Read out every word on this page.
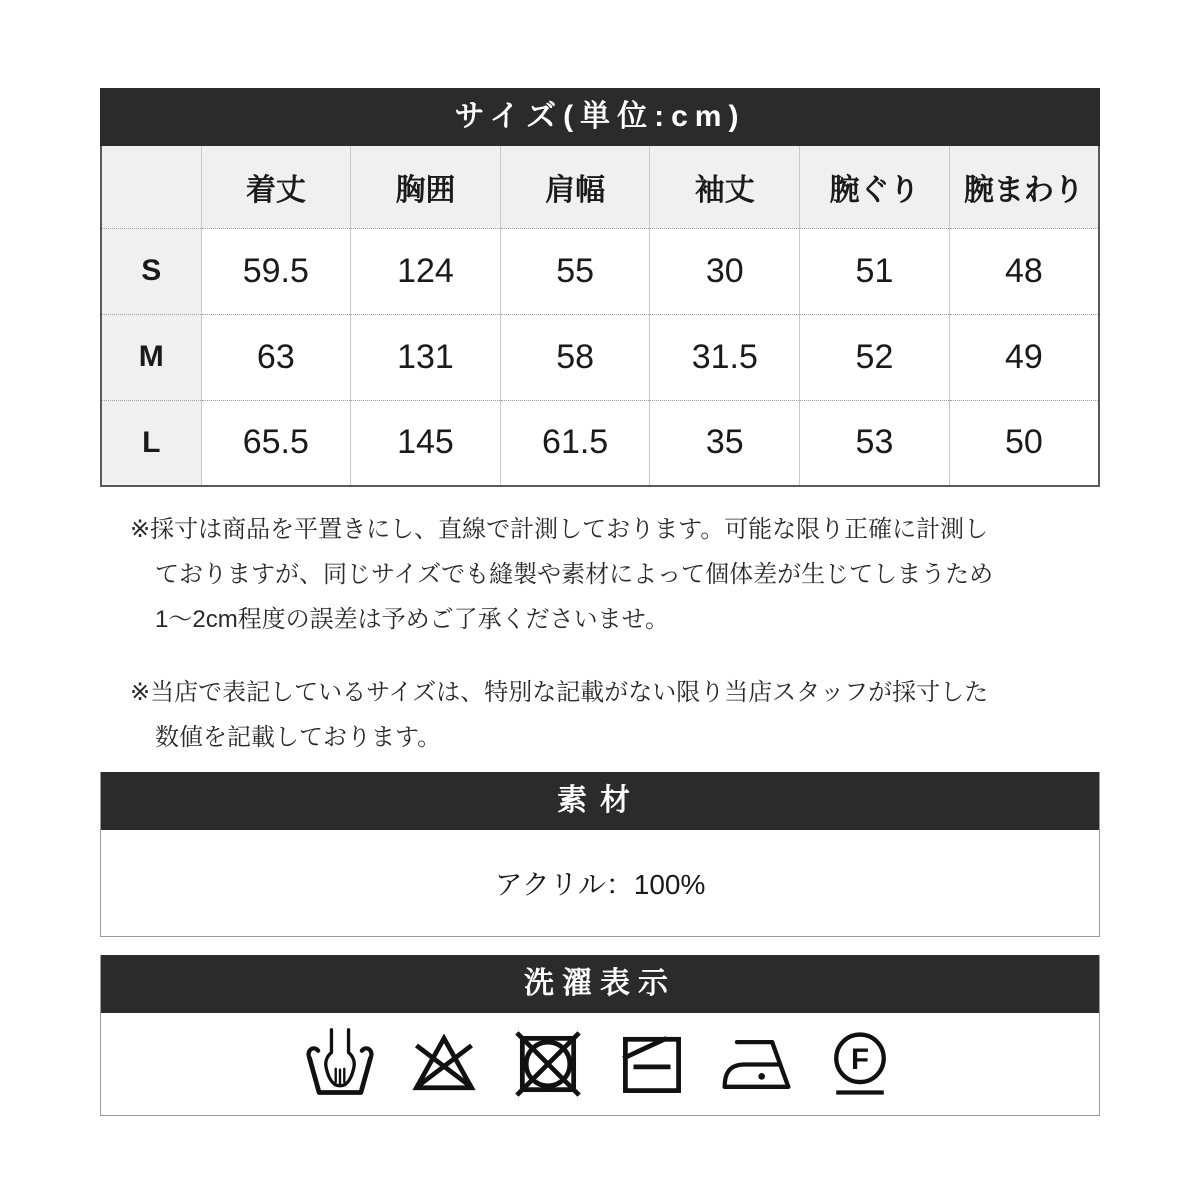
サイズ(単位:cm)
	着丈	胸囲	肩幅	袖丈	腕ぐり	腕まわり
S	59.5	124	55	30	51	48
M	63	131	58	31.5	52	49
L	65.5	145	61.5	35	53	50

※採寸は商品を平置きにし、直線で計測しております。可能な限り正確に計測し
ておりますが、同じサイズでも縫製や素材によって個体差が生じてしまうため
1〜2cm程度の誤差は予めご了承くださいませ。

※当店で表記しているサイズは、特別な記載がない限り当店スタッフが採寸した
数値を記載しております。

素材
アクリル：100%
洗濯表示
F
